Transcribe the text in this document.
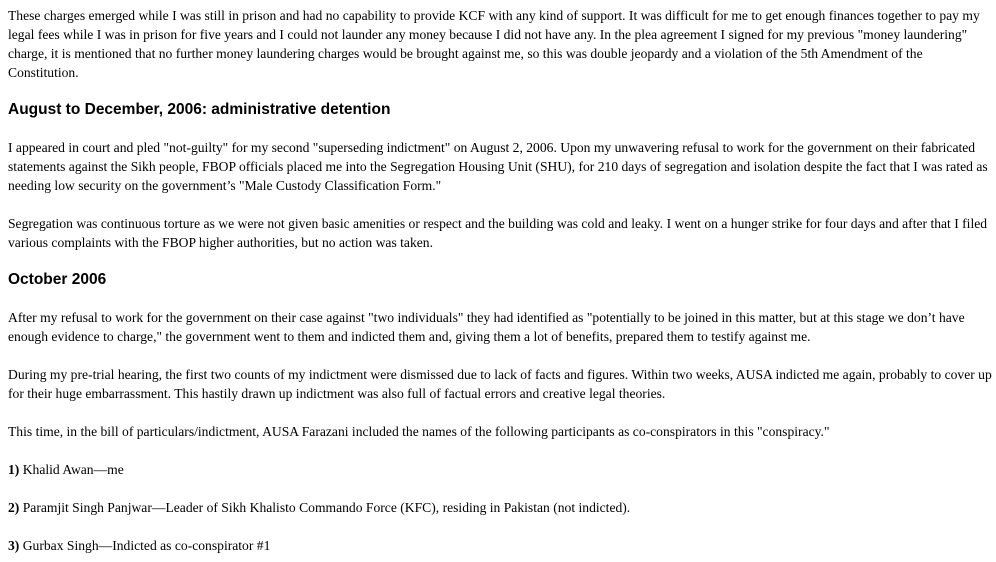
These charges emerged while I was still in prison and had no capability to provide KCF with any kind of support. It was difficult for me to get enough finances together to pay my legal fees while I was in prison for five years and I could not launder any money because I did not have any. In the plea agreement I signed for my previous "money laundering" charge, it is mentioned that no further money laundering charges would be brought against me, so this was double jeopardy and a violation of the 5th Amendment of the Constitution.

August to December, 2006: administrative detention

I appeared in court and pled "not-guilty" for my second "superseding indictment" on August 2, 2006. Upon my unwavering refusal to work for the government on their fabricated statements against the Sikh people, FBOP officials placed me into the Segregation Housing Unit (SHU), for 210 days of segregation and isolation despite the fact that I was rated as needing low security on the government’s "Male Custody Classification Form."

Segregation was continuous torture as we were not given basic amenities or respect and the building was cold and leaky. I went on a hunger strike for four days and after that I filed various complaints with the FBOP higher authorities, but no action was taken.

October 2006

After my refusal to work for the government on their case against "two individuals" they had identified as "potentially to be joined in this matter, but at this stage we don’t have enough evidence to charge," the government went to them and indicted them and, giving them a lot of benefits, prepared them to testify against me.

During my pre-trial hearing, the first two counts of my indictment were dismissed due to lack of facts and figures. Within two weeks, AUSA indicted me again, probably to cover up for their huge embarrassment. This hastily drawn up indictment was also full of factual errors and creative legal theories.

This time, in the bill of particulars/indictment, AUSA Farazani included the names of the following participants as co-conspirators in this "conspiracy."

1) Khalid Awan—me

2) Paramjit Singh Panjwar—Leader of Sikh Khalisto Commando Force (KFC), residing in Pakistan (not indicted).

3) Gurbax Singh—Indicted as co-conspirator #1
